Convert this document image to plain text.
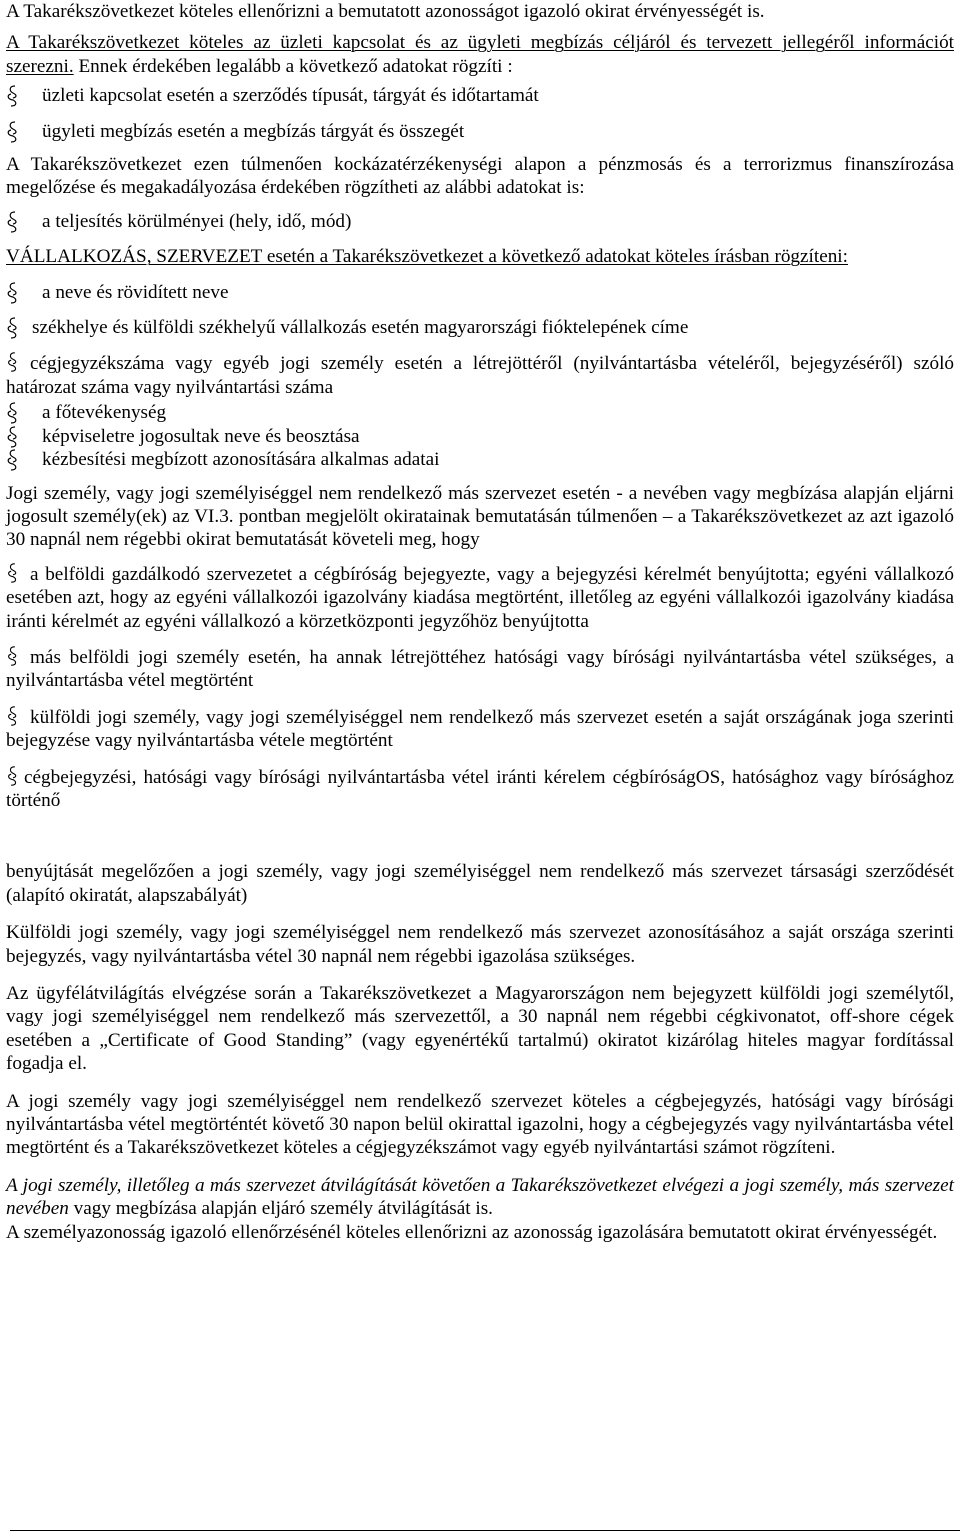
A Takarékszövetkezet köteles ellenőrizni a bemutatott azonosságot igazoló okirat érvényességét is.

A Takarékszövetkezet köteles az üzleti kapcsolat és az ügyleti megbízás céljáról és tervezett jellegéről információt szerezni. Ennek érdekében legalább a következő adatokat rögzíti :

üzleti kapcsolat esetén a szerződés típusát, tárgyát és időtartamát
ügyleti megbízás esetén a megbízás tárgyát és összegét

A Takarékszövetkezet ezen túlmenően kockázatérzékenységi alapon a pénzmosás és a terrorizmus finanszírozása megelőzése és megakadályozása érdekében rögzítheti az alábbi adatokat is:

a teljesítés körülményei (hely, idő, mód)

VÁLLALKOZÁS, SZERVEZET esetén a Takarékszövetkezet a következő adatokat köteles írásban rögzíteni:

a neve és rövidített neve
székhelye és külföldi székhelyű vállalkozás esetén magyarországi fióktelepének címe
cégjegyzékszáma vagy egyéb jogi személy esetén a létrejöttéről (nyilvántartásba vételéről, bejegyzéséről) szóló határozat száma vagy nyilvántartási száma
a főtevékenység
képviseletre jogosultak neve és beosztása
kézbesítési megbízott azonosítására alkalmas adatai

Jogi személy, vagy jogi személyiséggel nem rendelkező más szervezet esetén - a nevében vagy megbízása alapján eljárni jogosult személy(ek) az VI.3. pontban megjelölt okiratainak bemutatásán túlmenően – a Takarékszövetkezet az azt igazoló 30 napnál nem régebbi okirat bemutatását követeli meg, hogy

a belföldi gazdálkodó szervezetet a cégbíróság bejegyezte, vagy a bejegyzési kérelmét benyújtotta; egyéni vállalkozó esetében azt, hogy az egyéni vállalkozói igazolvány kiadása megtörtént, illetőleg az egyéni vállalkozói igazolvány kiadása iránti kérelmét az egyéni vállalkozó a körzetközponti jegyzőhöz benyújtotta
más belföldi jogi személy esetén, ha annak létrejöttéhez hatósági vagy bírósági nyilvántartásba vétel szükséges, a nyilvántartásba vétel megtörtént
külföldi jogi személy, vagy jogi személyiséggel nem rendelkező más szervezet esetén a saját országának joga szerinti bejegyzése vagy nyilvántartásba vétele megtörtént
cégbejegyzési, hatósági vagy bírósági nyilvántartásba vétel iránti kérelem cégbíróságOS, hatósághoz vagy bírósághoz történő

benyújtását megelőzően a jogi személy, vagy jogi személyiséggel nem rendelkező más szervezet társasági szerződését (alapító okiratát, alapszabályát)

Külföldi jogi személy, vagy jogi személyiséggel nem rendelkező más szervezet azonosításához a saját országa szerinti bejegyzés, vagy nyilvántartásba vétel 30 napnál nem régebbi igazolása szükséges.

Az ügyfélátvilágítás elvégzése során a Takarékszövetkezet a Magyarországon nem bejegyzett külföldi jogi személytől, vagy jogi személyiséggel nem rendelkező más szervezettől, a 30 napnál nem régebbi cégkivonatot, off-shore cégek esetében a „Certificate of Good Standing” (vagy egyenértékű tartalmú) okiratot kizárólag hiteles magyar fordítással fogadja el.

A jogi személy vagy jogi személyiséggel nem rendelkező szervezet köteles a cégbejegyzés, hatósági vagy bírósági nyilvántartásba vétel megtörténtét követő 30 napon belül okirattal igazolni, hogy a cégbejegyzés vagy nyilvántartásba vétel megtörtént és a Takarékszövetkezet köteles a cégjegyzékszámot vagy egyéb nyilvántartási számot rögzíteni.

A jogi személy, illetőleg a más szervezet átvilágítását követően a Takarékszövetkezet elvégezi a jogi személy, más szervezet nevében vagy megbízása alapján eljáró személy átvilágítását is.

A személyazonosság igazoló ellenőrzésénél köteles ellenőrizni az azonosság igazolására bemutatott okirat érvényességét.
